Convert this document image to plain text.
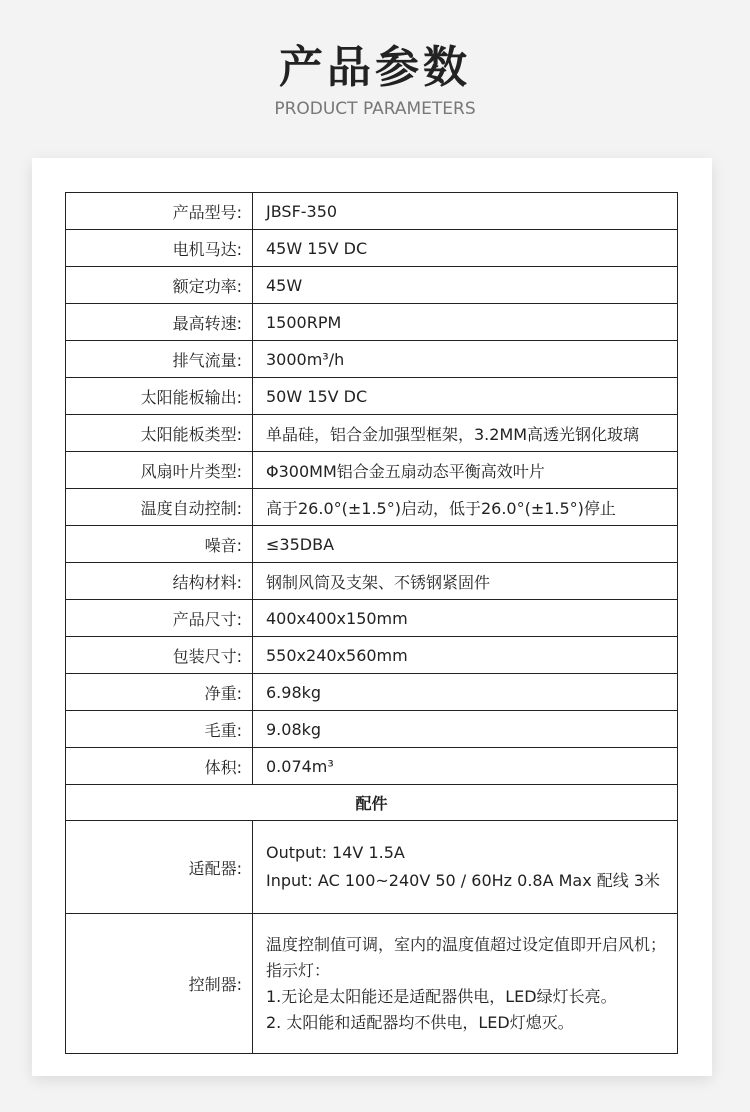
产品参数
PRODUCT PARAMETERS
产品型号:	JBSF-350
电机马达:	45W 15V DC
额定功率:	45W
最高转速:	1500RPM
排气流量:	3000m³/h
太阳能板输出:	50W 15V DC
太阳能板类型:	单晶硅，铝合金加强型框架，3.2MM高透光钢化玻璃
风扇叶片类型:	Φ300MM铝合金五扇动态平衡高效叶片
温度自动控制:	高于26.0°(±1.5°)启动，低于26.0°(±1.5°)停止
噪音:	≤35DBA
结构材料:	钢制风筒及支架、不锈钢紧固件
产品尺寸:	400x400x150mm
包装尺寸:	550x240x560mm
净重:	6.98kg
毛重:	9.08kg
体积:	0.074m³
配件	
适配器:	Output: 14V 1.5A
Input: AC 100~240V 50 / 60Hz 0.8A Max 配线 3米

控制器:	温度控制值可调，室内的温度值超过设定值即开启风机；
指示灯：
1.无论是太阳能还是适配器供电，LED绿灯长亮。
2. 太阳能和适配器均不供电，LED灯熄灭。
